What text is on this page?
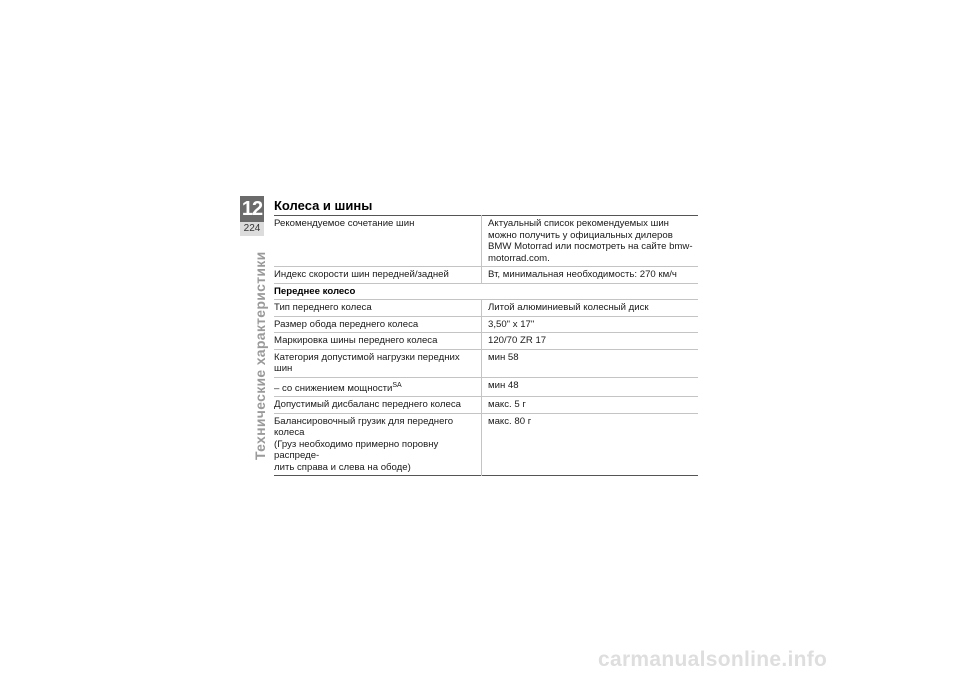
12
224
Технические характеристики
Колеса и шины
Рекомендуемое сочетание шин	Актуальный список рекомендуемых шин
можно получить у официальных дилеров
BMW Motorrad или посмотреть на сайте bmw-
motorrad.com.
Индекс скорости шин передней/задней	Вт, минимальная необходимость: 270 км/ч
Переднее колесо	
Тип переднего колеса	Литой алюминиевый колесный диск
Размер обода переднего колеса	3,50" x 17"
Маркировка шины переднего колеса	120/70 ZR 17
Категория допустимой нагрузки передних шин	мин 58
– со снижением мощности$^{SA}$	мин 48
Допустимый дисбаланс переднего колеса	макс. 5 г
Балансировочный грузик для переднего колеса
(Груз необходимо примерно поровну распреде-
лить справа и слева на ободе)	макс. 80 г
carmanualsonline.info
